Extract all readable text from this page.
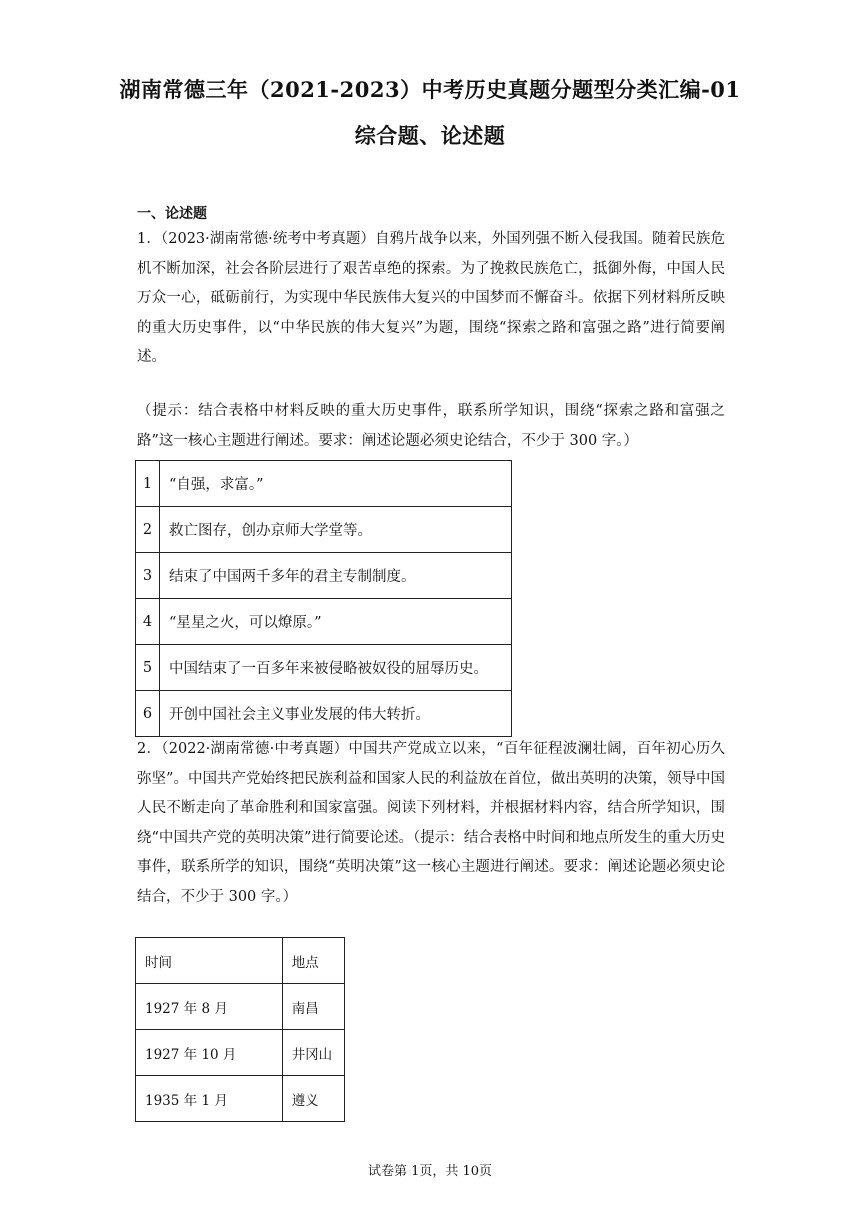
湖南常德三年（2021-2023）中考历史真题分题型分类汇编-01
综合题、论述题
一、论述题

1．（2023·湖南常德·统考中考真题）自鸦片战争以来，外国列强不断入侵我国。随着民族危机不断加深，社会各阶层进行了艰苦卓绝的探索。为了挽救民族危亡，抵御外侮，中国人民万众一心，砥砺前行，为实现中华民族伟大复兴的中国梦而不懈奋斗。依据下列材料所反映的重大历史事件，以“中华民族的伟大复兴”为题，围绕“探索之路和富强之路”进行简要阐述。

（提示：结合表格中材料反映的重大历史事件，联系所学知识，围绕“探索之路和富强之路”这一核心主题进行阐述。要求：阐述论题必须史论结合，不少于 300 字。）

1	“自强，求富。”
2	救亡图存，创办京师大学堂等。
3	结束了中国两千多年的君主专制制度。
4	“星星之火，可以燎原。”
5	中国结束了一百多年来被侵略被奴役的屈辱历史。
6	开创中国社会主义事业发展的伟大转折。

2．（2022·湖南常德·中考真题）中国共产党成立以来，“百年征程波澜壮阔，百年初心历久弥坚”。中国共产党始终把民族利益和国家人民的利益放在首位，做出英明的决策，领导中国人民不断走向了革命胜利和国家富强。阅读下列材料，并根据材料内容，结合所学知识，围绕“中国共产党的英明决策”进行简要论述。（提示：结合表格中时间和地点所发生的重大历史事件，联系所学的知识，围绕“英明决策”这一核心主题进行阐述。要求：阐述论题必须史论结合，不少于 300 字。）

时间	地点
1927 年 8 月	南昌
1927 年 10 月	井冈山
1935 年 1 月	遵义
试卷第 1页，共 10页
